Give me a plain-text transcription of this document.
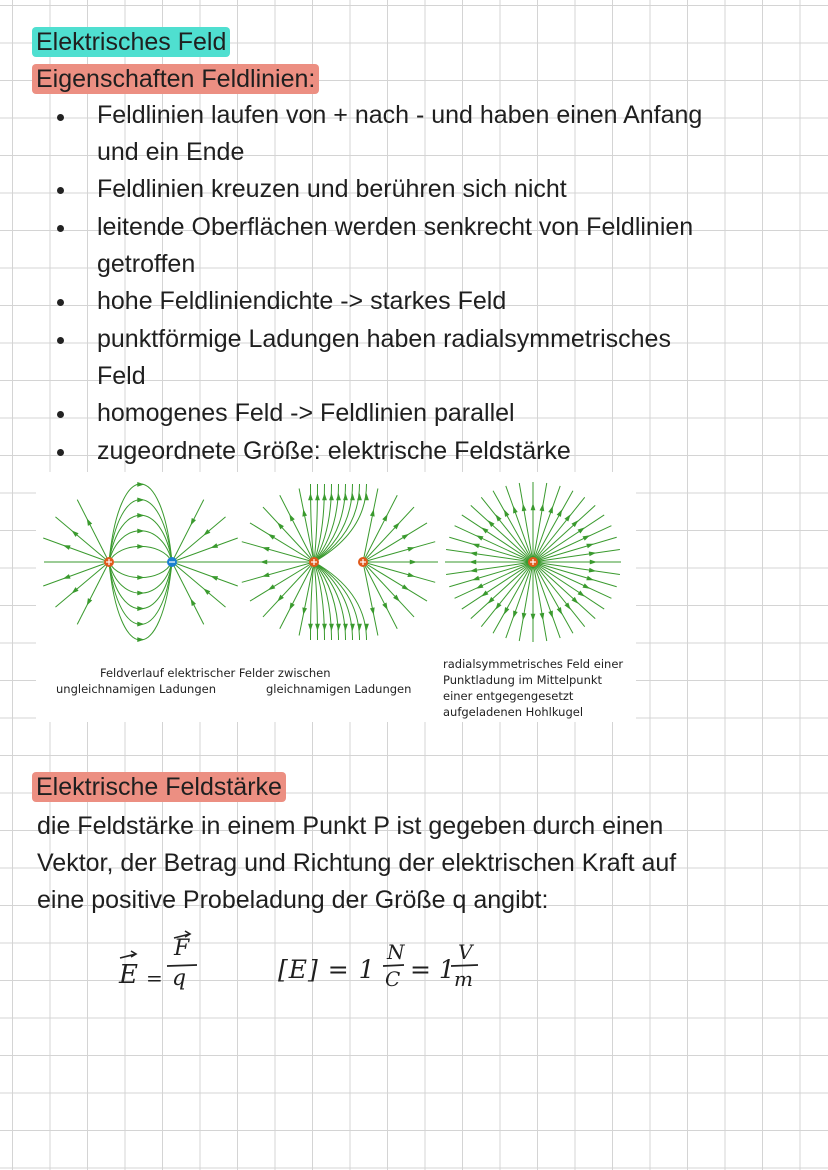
Elektrisches Feld
Eigenschaften Feldlinien:
Feldlinien laufen von + nach - und haben einen Anfang
und ein Ende
Feldlinien kreuzen und berühren sich nicht
leitende Oberflächen werden senkrecht von Feldlinien
getroffen
hohe Feldliniendichte -> starkes Feld
punktförmige Ladungen haben radialsymmetrisches
Feld
homogenes Feld -> Feldlinien parallel
zugeordnete Größe: elektrische Feldstärke
Feldverlauf elektrischer Felder zwischen
ungleichnamigen Ladungen	gleichnamigen Ladungen
radialsymmetrisches Feld einer
Punktladung im Mittelpunkt
einer entgegengesetzt
aufgeladenen Hohlkugel
Elektrische Feldstärke
die Feldstärke in einem Punkt P ist gegeben durch einen
Vektor, der Betrag und Richtung der elektrischen Kraft auf
eine positive Probeladung der Größe q angibt:
E =
F
q	[E] = 1
N
C = 1
V
m
